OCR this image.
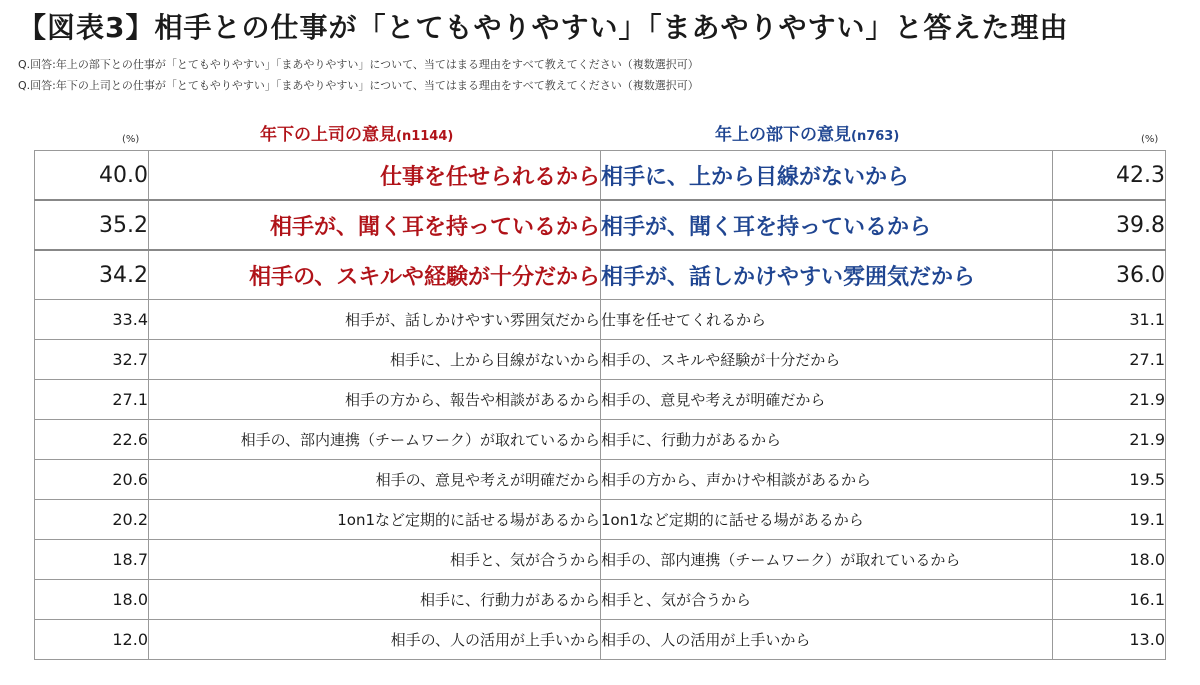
【図表3】相手との仕事が「とてもやりやすい」「まあやりやすい」と答えた理由
Q.回答:年上の部下との仕事が「とてもやりやすい」「まあやりやすい」について、当てはまる理由をすべて教えてください（複数選択可）
Q.回答:年下の上司との仕事が「とてもやりやすい」「まあやりやすい」について、当てはまる理由をすべて教えてください（複数選択可）
年下の上司の意見(n1144)	年上の部下の意見(n763)
(%)	(%)
40.0	仕事を任せられるから	相手に、上から目線がないから	42.3
35.2	相手が、聞く耳を持っているから	相手が、聞く耳を持っているから	39.8
34.2	相手の、スキルや経験が十分だから	相手が、話しかけやすい雰囲気だから	36.0
33.4	相手が、話しかけやすい雰囲気だから	仕事を任せてくれるから	31.1
32.7	相手に、上から目線がないから	相手の、スキルや経験が十分だから	27.1
27.1	相手の方から、報告や相談があるから	相手の、意見や考えが明確だから	21.9
22.6	相手の、部内連携（チームワーク）が取れているから	相手に、行動力があるから	21.9
20.6	相手の、意見や考えが明確だから	相手の方から、声かけや相談があるから	19.5
20.2	1on1など定期的に話せる場があるから	1on1など定期的に話せる場があるから	19.1
18.7	相手と、気が合うから	相手の、部内連携（チームワーク）が取れているから	18.0
18.0	相手に、行動力があるから	相手と、気が合うから	16.1
12.0	相手の、人の活用が上手いから	相手の、人の活用が上手いから	13.0
